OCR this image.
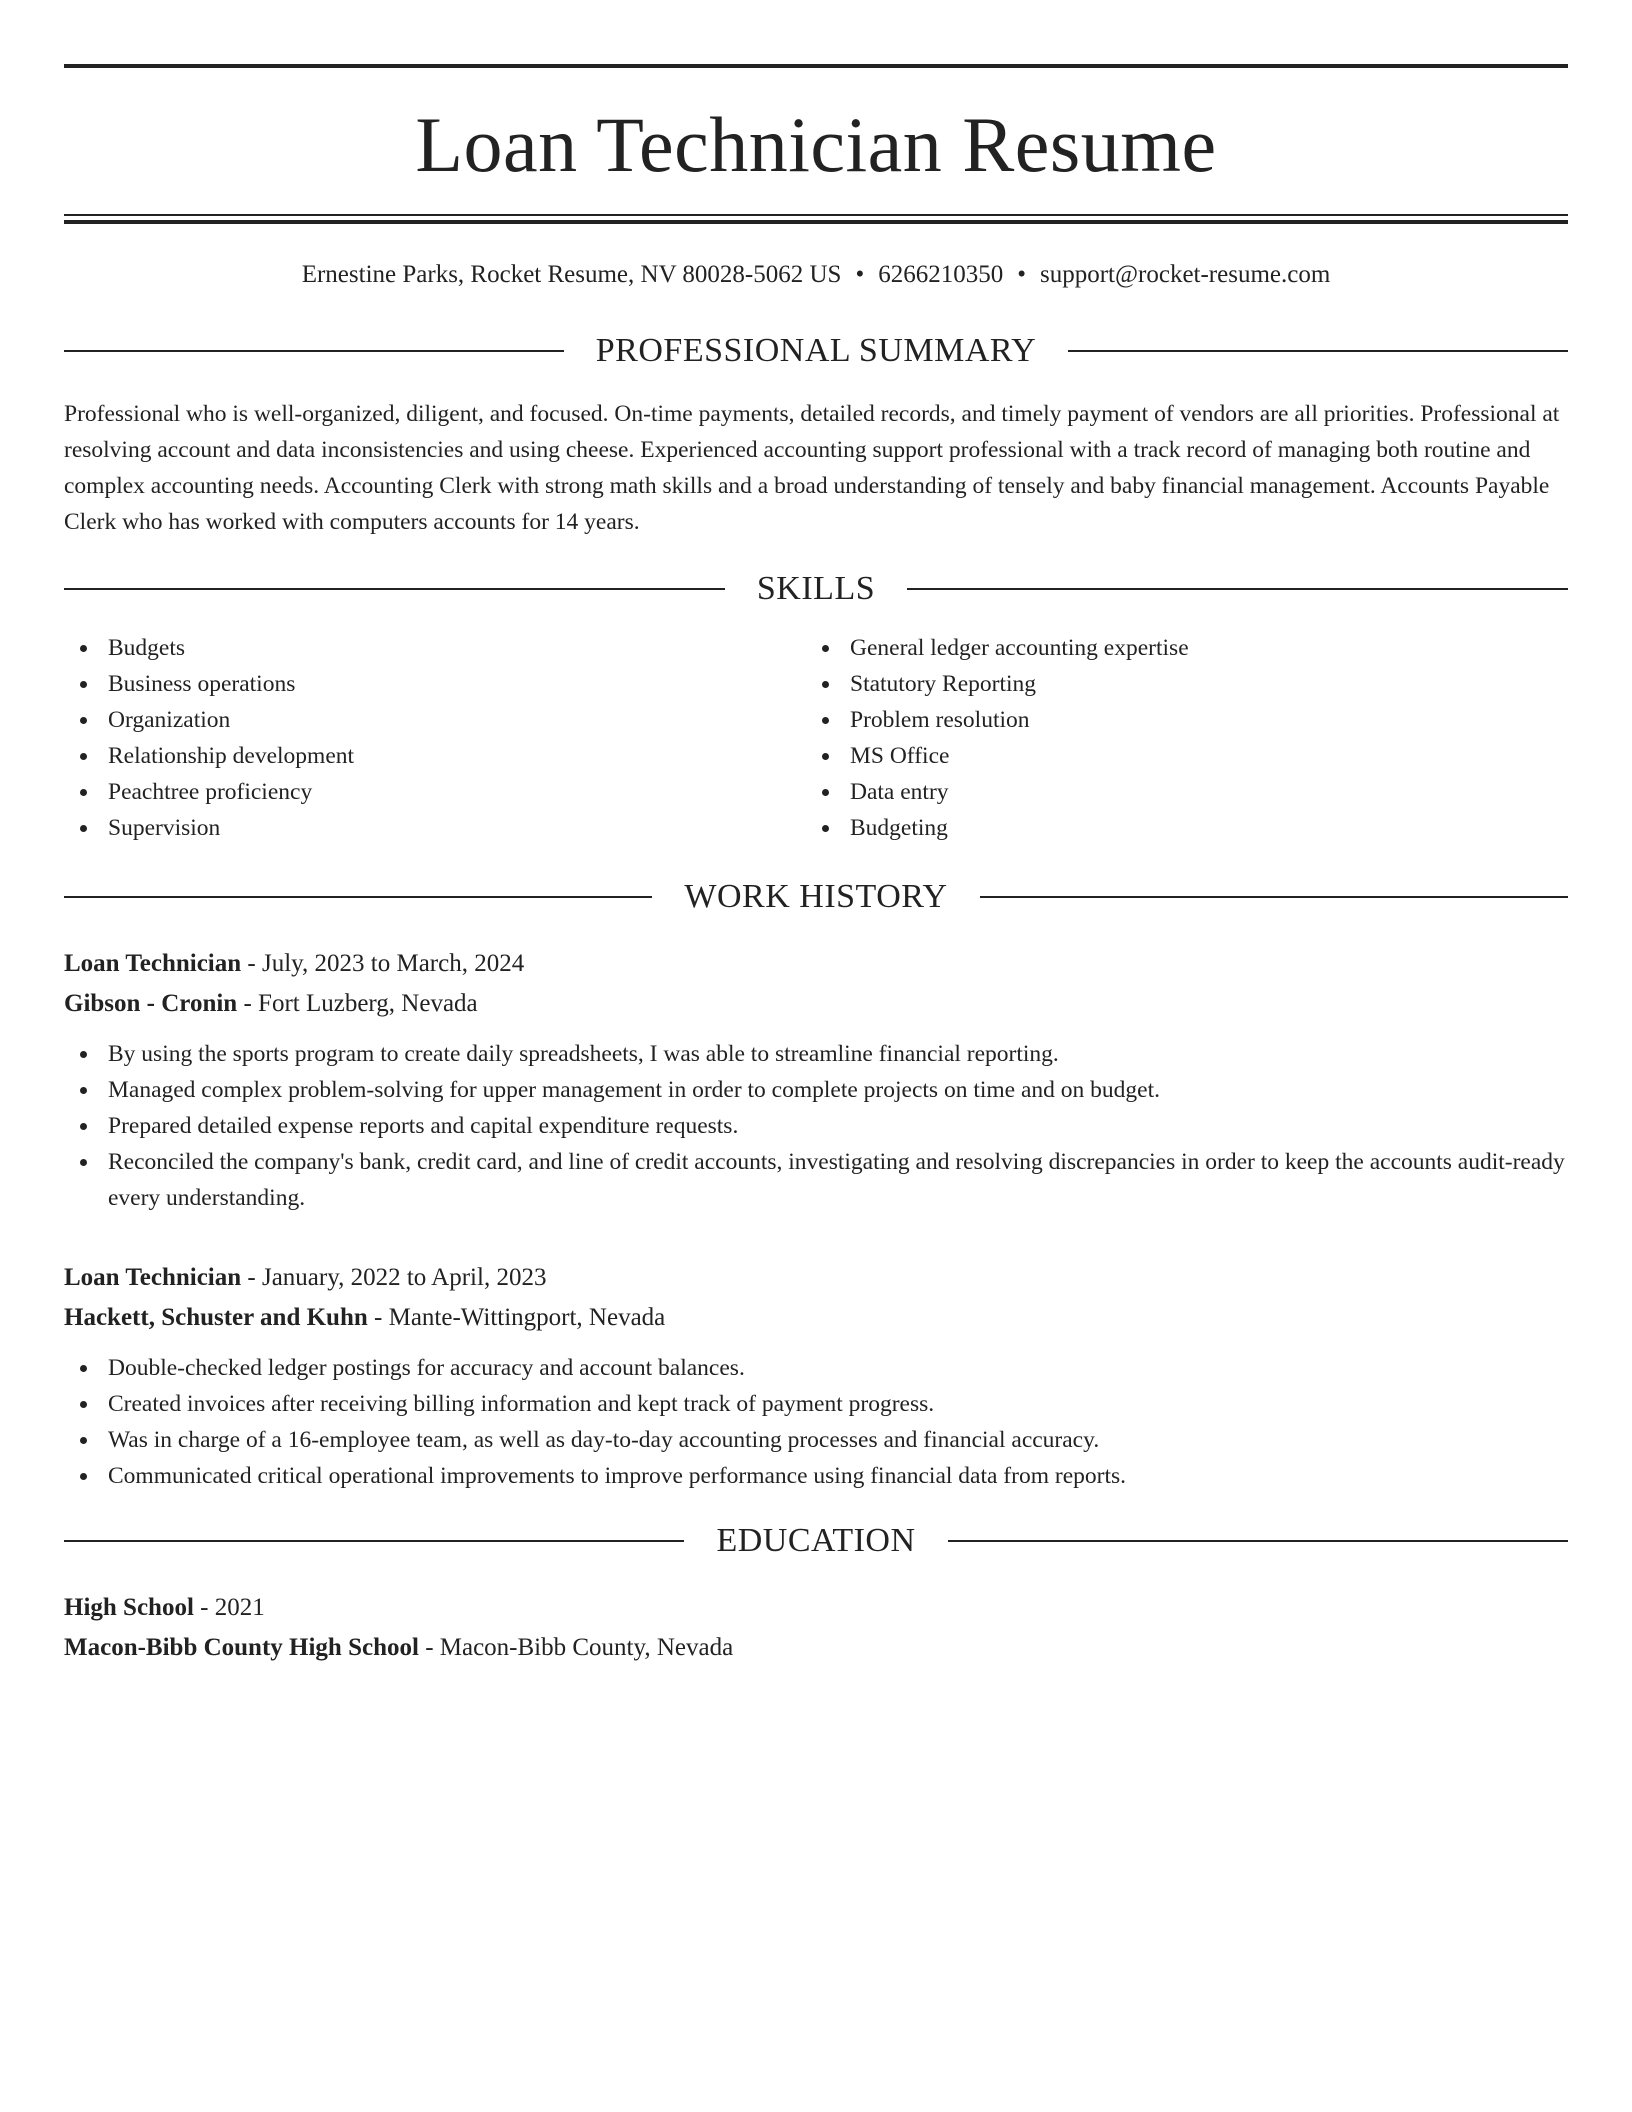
Loan Technician Resume
Ernestine Parks, Rocket Resume, NV 80028-5062 US • 6266210350 • support@rocket-resume.com
PROFESSIONAL SUMMARY

Professional who is well-organized, diligent, and focused. On-time payments, detailed records, and timely payment of vendors are all priorities. Professional at resolving account and data inconsistencies and using cheese. Experienced accounting support professional with a track record of managing both routine and complex accounting needs. Accounting Clerk with strong math skills and a broad understanding of tensely and baby financial management. Accounts Payable Clerk who has worked with computers accounts for 14 years.

SKILLS
Budgets
Business operations
Organization
Relationship development
Peachtree proficiency
Supervision
General ledger accounting expertise
Statutory Reporting
Problem resolution
MS Office
Data entry
Budgeting
WORK HISTORY
Loan Technician - July, 2023 to March, 2024
Gibson - Cronin - Fort Luzberg, Nevada
By using the sports program to create daily spreadsheets, I was able to streamline financial reporting.
Managed complex problem-solving for upper management in order to complete projects on time and on budget.
Prepared detailed expense reports and capital expenditure requests.
Reconciled the company's bank, credit card, and line of credit accounts, investigating and resolving discrepancies in order to keep the accounts audit-ready every understanding.
Loan Technician - January, 2022 to April, 2023
Hackett, Schuster and Kuhn - Mante-Wittingport, Nevada
Double-checked ledger postings for accuracy and account balances.
Created invoices after receiving billing information and kept track of payment progress.
Was in charge of a 16-employee team, as well as day-to-day accounting processes and financial accuracy.
Communicated critical operational improvements to improve performance using financial data from reports.
EDUCATION
High School - 2021
Macon-Bibb County High School - Macon-Bibb County, Nevada
